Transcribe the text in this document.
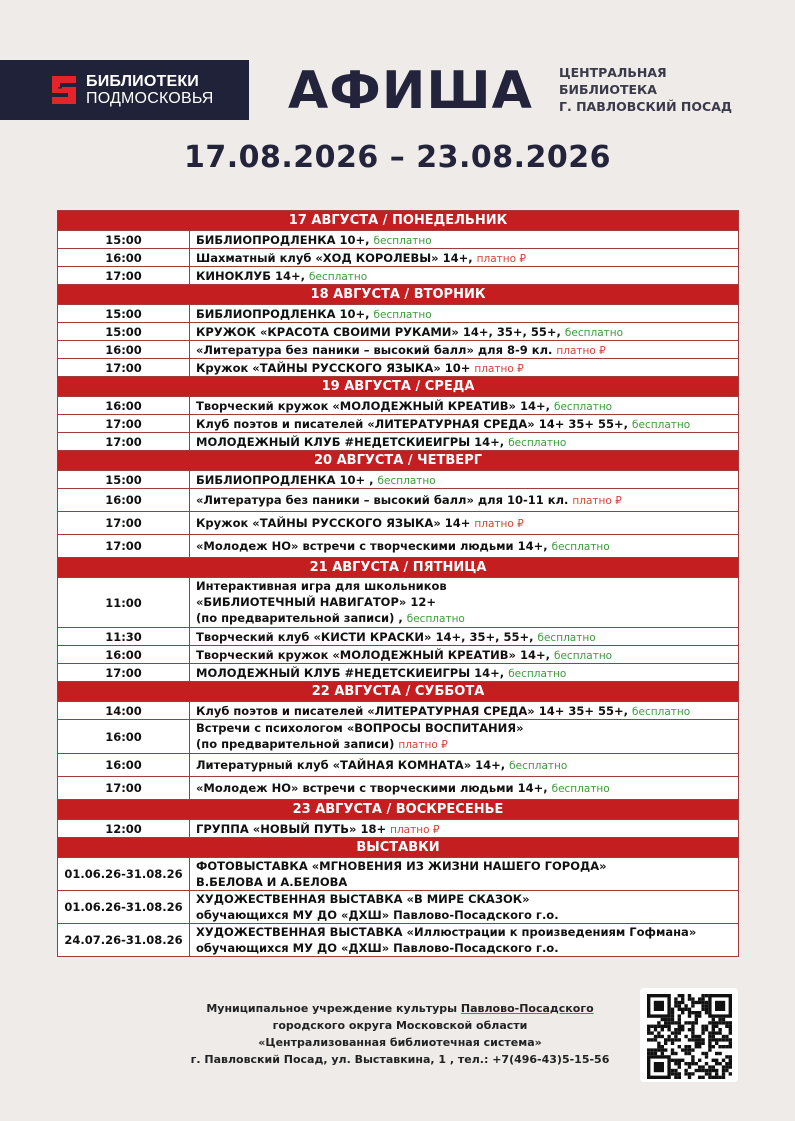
БИБЛИОТЕКИ
ПОДМОСКОВЬЯ АФИША ЦЕНТРАЛЬНАЯ
БИБЛИОТЕКА
Г. ПАВЛОВСКИЙ ПОСАД
17.08.2026 – 23.08.2026
17 АВГУСТА / ПОНЕДЕЛЬНИК	
15:00	БИБЛИОПРОДЛЕНКА 10+, бесплатно
16:00	Шахматный клуб «ХОД КОРОЛЕВЫ» 14+, платно ₽
17:00	КИНОКЛУБ 14+, бесплатно
18 АВГУСТА / ВТОРНИК	
15:00	БИБЛИОПРОДЛЕНКА 10+, бесплатно
15:00	КРУЖОК «КРАСОТА СВОИМИ РУКАМИ» 14+, 35+, 55+, бесплатно
16:00	«Литература без паники – высокий балл» для 8-9 кл. платно ₽
17:00	Кружок «ТАЙНЫ РУССКОГО ЯЗЫКА» 10+ платно ₽
19 АВГУСТА / СРЕДА	
16:00	Творческий кружок «МОЛОДЕЖНЫЙ КРЕАТИВ» 14+, бесплатно
17:00	Клуб поэтов и писателей «ЛИТЕРАТУРНАЯ СРЕДА» 14+ 35+ 55+, бесплатно
17:00	МОЛОДЕЖНЫЙ КЛУБ #НЕДЕТСКИЕИГРЫ 14+, бесплатно
20 АВГУСТА / ЧЕТВЕРГ	
15:00	БИБЛИОПРОДЛЕНКА 10+ , бесплатно
16:00	«Литература без паники – высокий балл» для 10-11 кл. платно ₽
17:00	Кружок «ТАЙНЫ РУССКОГО ЯЗЫКА» 14+ платно ₽
17:00	«Молодеж НО» встречи с творческими людьми 14+, бесплатно
21 АВГУСТА / ПЯТНИЦА	
11:00	Интерактивная игра для школьников
«БИБЛИОТЕЧНЫЙ НАВИГАТОР» 12+
(по предварительной записи) , бесплатно

11:30	Творческий клуб «КИСТИ КРАСКИ» 14+, 35+, 55+, бесплатно
16:00	Творческий кружок «МОЛОДЕЖНЫЙ КРЕАТИВ» 14+, бесплатно
17:00	МОЛОДЕЖНЫЙ КЛУБ #НЕДЕТСКИЕИГРЫ 14+, бесплатно
22 АВГУСТА / СУББОТА	
14:00	Клуб поэтов и писателей «ЛИТЕРАТУРНАЯ СРЕДА» 14+ 35+ 55+, бесплатно
16:00	Встречи с психологом «ВОПРОСЫ ВОСПИТАНИЯ»
(по предварительной записи) платно ₽

16:00	Литературный клуб «ТАЙНАЯ КОМНАТА» 14+, бесплатно
17:00	«Молодеж НО» встречи с творческими людьми 14+, бесплатно
23 АВГУСТА / ВОСКРЕСЕНЬЕ	
12:00	ГРУППА «НОВЫЙ ПУТЬ» 18+ платно ₽
ВЫСТАВКИ	
01.06.26-31.08.26	ФОТОВЫСТАВКА «МГНОВЕНИЯ ИЗ ЖИЗНИ НАШЕГО ГОРОДА»
В.БЕЛОВА И А.БЕЛОВА

01.06.26-31.08.26	ХУДОЖЕСТВЕННАЯ ВЫСТАВКА «В МИРЕ СКАЗОК»
обучающихся МУ ДО «ДХШ» Павлово-Посадского г.о.

24.07.26-31.08.26	ХУДОЖЕСТВЕННАЯ ВЫСТАВКА «Иллюстрации к произведениям Гофмана»
обучающихся МУ ДО «ДХШ» Павлово-Посадского г.о.
Муниципальное учреждение культуры Павлово-Посадского
городского округа Московской области
«Централизованная библиотечная система»
г. Павловский Посад, ул. Выставкина, 1 , тел.: +7(496-43)5-15-56
